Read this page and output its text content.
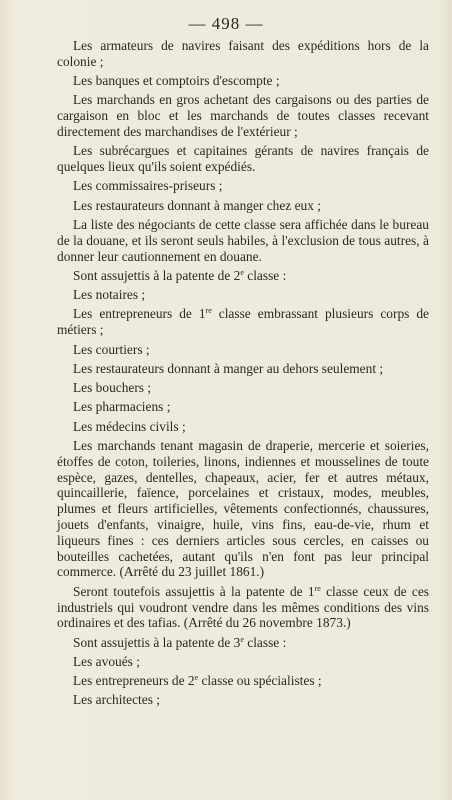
— 498 —

Les armateurs de navires faisant des expéditions hors de la colonie ;

Les banques et comptoirs d'escompte ;

Les marchands en gros achetant des cargaisons ou des parties de cargaison en bloc et les marchands de toutes classes recevant directement des marchandises de l'extérieur ;

Les subrécargues et capitaines gérants de navires français de quelques lieux qu'ils soient expédiés.

Les commissaires-priseurs ;

Les restaurateurs donnant à manger chez eux ;

La liste des négociants de cette classe sera affichée dans le bureau de la douane, et ils seront seuls habiles, à l'exclusion de tous autres, à donner leur cautionnement en douane.

Sont assujettis à la patente de 2e classe :

Les notaires ;

Les entrepreneurs de 1re classe embrassant plusieurs corps de métiers ;

Les courtiers ;

Les restaurateurs donnant à manger au dehors seulement ;

Les bouchers ;

Les pharmaciens ;

Les médecins civils ;

Les marchands tenant magasin de draperie, mercerie et soieries, étoffes de coton, toileries, linons, indiennes et mousselines de toute espèce, gazes, dentelles, chapeaux, acier, fer et autres métaux, quincaillerie, faïence, porcelaines et cristaux, modes, meubles, plumes et fleurs artificielles, vêtements confectionnés, chaussures, jouets d'enfants, vinaigre, huile, vins fins, eau-de-vie, rhum et liqueurs fines : ces derniers articles sous cercles, en caisses ou bouteilles cachetées, autant qu'ils n'en font pas leur principal commerce. (Arrêté du 23 juillet 1861.)

Seront toutefois assujettis à la patente de 1re classe ceux de ces industriels qui voudront vendre dans les mêmes conditions des vins ordinaires et des tafias. (Arrêté du 26 novembre 1873.)

Sont assujettis à la patente de 3e classe :

Les avoués ;

Les entrepreneurs de 2e classe ou spécialistes ;

Les architectes ;
